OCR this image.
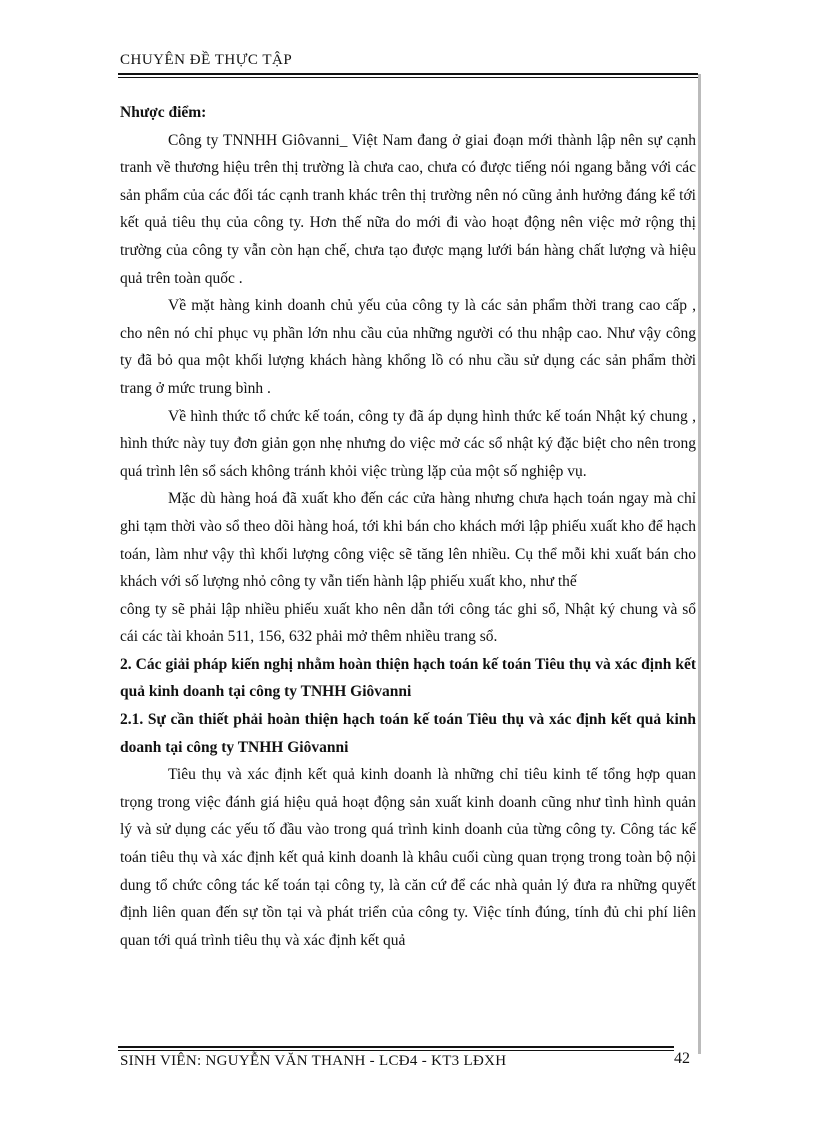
CHUYÊN ĐỀ THỰC TẬP

Nhược điểm:

Công ty TNNHH Giôvanni_ Việt Nam đang ở giai đoạn mới thành lập nên sự cạnh tranh về thương hiệu trên thị trường là chưa cao, chưa có được tiếng nói ngang bằng với các sản phẩm của các đối tác cạnh tranh khác trên thị trường nên nó cũng ảnh hưởng đáng kể tới kết quả tiêu thụ của công ty. Hơn thế nữa do mới đi vào hoạt động nên việc mở rộng thị trường của công ty vẫn còn hạn chế, chưa tạo được mạng lưới bán hàng chất lượng và hiệu quả trên toàn quốc .

Về mặt hàng kinh doanh chủ yếu của công ty là các sản phẩm thời trang cao cấp , cho nên nó chỉ phục vụ phần lớn nhu cầu của những người có thu nhập cao. Như vậy công ty đã bỏ qua một khối lượng khách hàng khổng lồ có nhu cầu sử dụng các sản phẩm thời trang ở mức trung bình .

Về hình thức tổ chức kế toán, công ty đã áp dụng hình thức kế toán Nhật ký chung , hình thức này tuy đơn giản gọn nhẹ nhưng do việc mở các sổ nhật ký đặc biệt cho nên trong quá trình lên sổ sách không tránh khỏi việc trùng lặp của một số nghiệp vụ.

Mặc dù hàng hoá đã xuất kho đến các cửa hàng nhưng chưa hạch toán ngay mà chỉ ghi tạm thời vào sổ theo dõi hàng hoá, tới khi bán cho khách mới lập phiếu xuất kho để hạch toán, làm như vậy thì khối lượng công việc sẽ tăng lên nhiều. Cụ thể mỗi khi xuất bán cho khách với số lượng nhỏ công ty vẫn tiến hành lập phiếu xuất kho, như thế

công ty sẽ phải lập nhiều phiếu xuất kho nên dẫn tới công tác ghi sổ, Nhật ký chung và sổ cái các tài khoản 511, 156, 632 phải mở thêm nhiều trang sổ.

2. Các giải pháp kiến nghị nhằm hoàn thiện hạch toán kế toán Tiêu thụ và xác định kết quả kinh doanh tại công ty TNHH Giôvanni

2.1. Sự cần thiết phải hoàn thiện hạch toán kế toán Tiêu thụ và xác định kết quả kinh doanh tại công ty TNHH Giôvanni

Tiêu thụ và xác định kết quả kinh doanh là những chỉ tiêu kinh tế tổng hợp quan trọng trong việc đánh giá hiệu quả hoạt động sản xuất kinh doanh cũng như tình hình quản lý và sử dụng các yếu tố đầu vào trong quá trình kinh doanh của từng công ty. Công tác kế toán tiêu thụ và xác định kết quả kinh doanh là khâu cuối cùng quan trọng trong toàn bộ nội dung tổ chức công tác kế toán tại công ty, là căn cứ để các nhà quản lý đưa ra những quyết định liên quan đến sự tồn tại và phát triển của công ty. Việc tính đúng, tính đủ chi phí liên quan tới quá trình tiêu thụ và xác định kết quả

SINH VIÊN: NGUYỄN VĂN THANH - LCĐ4 - KT3 LĐXH	42
